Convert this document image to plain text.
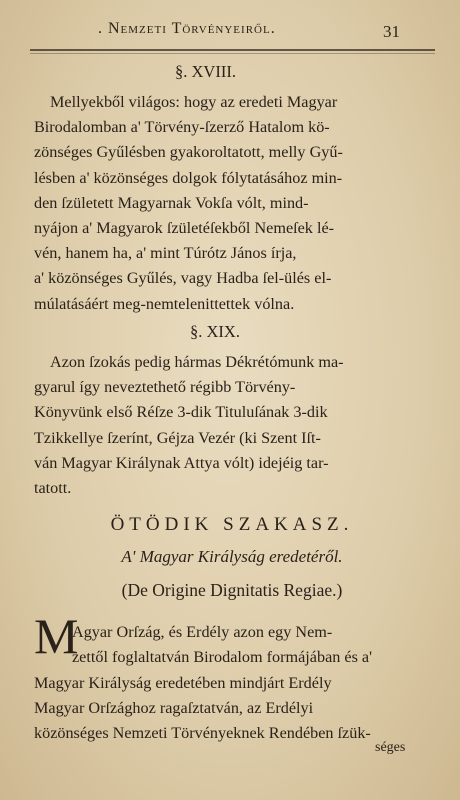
. Nemzeti Törvényeiről.	31
§. XVIII.
Mellyekből világos: hogy az eredeti Magyar
Birodalomban a' Törvény-ſzerző Hatalom kö-
zönséges Gyűlésben gyakoroltatott, melly Gyű-
lésben a' közönséges dolgok fólytatásához min-
den ſzületett Magyarnak Vokſa vólt, mind-
nyájon a' Magyarok ſzületéſekből Nemeſek lé-
vén, hanem ha, a' mint Túrótz János írja,
a' közönséges Gyűlés, vagy Hadba ſel-ülés el-
múlatásáért meg-nemtelenittettek vólna.
§. XIX.
Azon ſzokás pedig hármas Dékrétómunk ma-
gyarul így neveztethető régibb Törvény-
Könyvünk első Réſze 3-dik Tituluſának 3-dik
Tzikkellye ſzerínt, Géjza Vezér (ki Szent Iſt-
ván Magyar Királynak Attya vólt) idejéig tar-
tatott.
ÖTÖDIK SZAKASZ.
A' Magyar Királyság eredetéről.
(De Origine Dignitatis Regiae.)
M
Agyar Orſzág, és Erdély azon egy Nem-
zettől foglaltatván Birodalom formájában és a'
Magyar Királyság eredetében mindjárt Erdély
Magyar Orſzághoz ragaſztatván, az Erdélyi
közönséges Nemzeti Törvényeknek Rendében ſzük-
séges
